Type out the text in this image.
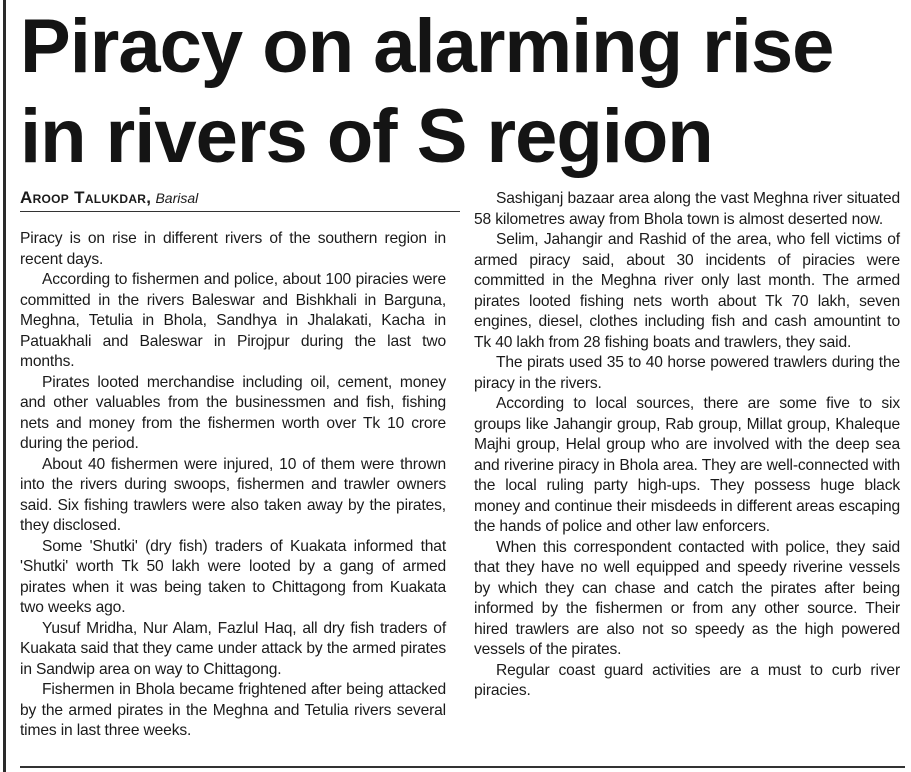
Piracy on alarming rise in rivers of S region
Aroop Talukdar, Barisal

Piracy is on rise in different rivers of the southern region in recent days.

According to fishermen and police, about 100 piracies were committed in the rivers Baleswar and Bishkhali in Barguna, Meghna, Tetulia in Bhola, Sandhya in Jhalakati, Kacha in Patuakhali and Baleswar in Pirojpur during the last two months.

Pirates looted merchandise including oil, cement, money and other valuables from the businessmen and fish, fishing nets and money from the fishermen worth over Tk 10 crore during the period.

About 40 fishermen were injured, 10 of them were thrown into the rivers during swoops, fishermen and trawler owners said. Six fishing trawlers were also taken away by the pirates, they disclosed.

Some 'Shutki' (dry fish) traders of Kuakata informed that 'Shutki' worth Tk 50 lakh were looted by a gang of armed pirates when it was being taken to Chittagong from Kuakata two weeks ago.

Yusuf Mridha, Nur Alam, Fazlul Haq, all dry fish traders of Kuakata said that they came under attack by the armed pirates in Sandwip area on way to Chittagong.

Fishermen in Bhola became frightened after being attacked by the armed pirates in the Meghna and Tetulia rivers several times in last three weeks.

Sashiganj bazaar area along the vast Meghna river situated 58 kilometres away from Bhola town is almost deserted now.

Selim, Jahangir and Rashid of the area, who fell victims of armed piracy said, about 30 incidents of piracies were committed in the Meghna river only last month. The armed pirates looted fishing nets worth about Tk 70 lakh, seven engines, diesel, clothes including fish and cash amountint to Tk 40 lakh from 28 fishing boats and trawlers, they said.

The pirats used 35 to 40 horse powered trawlers during the piracy in the rivers.

According to local sources, there are some five to six groups like Jahangir group, Rab group, Millat group, Khaleque Majhi group, Helal group who are involved with the deep sea and riverine piracy in Bhola area. They are well-connected with the local ruling party high-ups. They possess huge black money and continue their misdeeds in different areas escaping the hands of police and other law enforcers.

When this correspondent contacted with police, they said that they have no well equipped and speedy riverine vessels by which they can chase and catch the pirates after being informed by the fishermen or from any other source. Their hired trawlers are also not so speedy as the high powered vessels of the pirates.

Regular coast guard activities are a must to curb river piracies.
